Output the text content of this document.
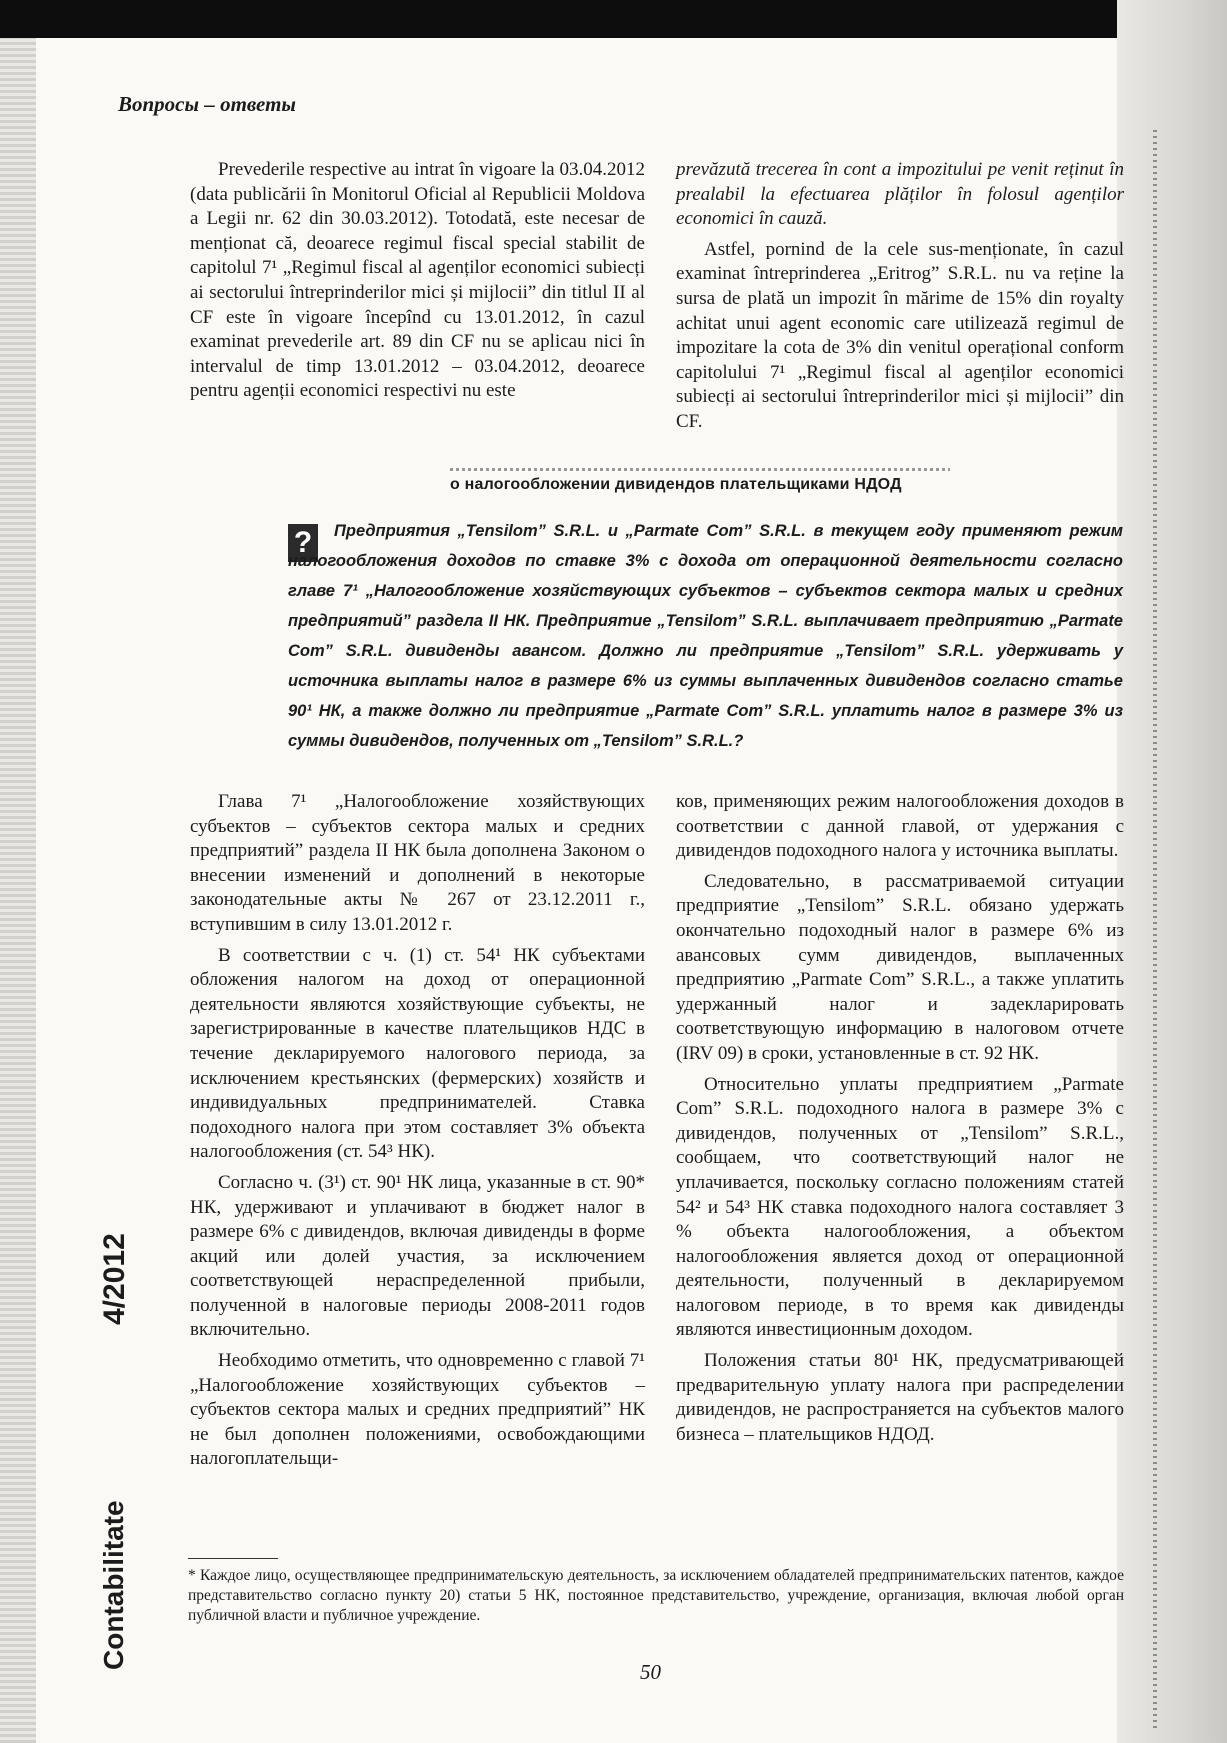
Вопросы – ответы

Prevederile respective au intrat în vigoare la 03.04.2012 (data publicării în Monitorul Oficial al Republicii Moldova a Legii nr. 62 din 30.03.2012). Totodată, este necesar de menționat că, deoarece regimul fiscal special stabilit de capitolul 7¹ „Regimul fiscal al agenților economici subiecți ai sectorului întreprinderilor mici și mijlocii” din titlul II al CF este în vigoare începînd cu 13.01.2012, în cazul examinat prevederile art. 89 din CF nu se aplicau nici în intervalul de timp 13.01.2012 – 03.04.2012, deoarece pentru agenții economici respectivi nu este

prevăzută trecerea în cont a impozitului pe venit reținut în prealabil la efectuarea plăților în folosul agenților economici în cauză.

Astfel, pornind de la cele sus-menționate, în cazul examinat întreprinderea „Eritrog” S.R.L. nu va reține la sursa de plată un impozit în mărime de 15% din royalty achitat unui agent economic care utilizează regimul de impozitare la cota de 3% din venitul operațional conform capitolului 7¹ „Regimul fiscal al agenților economici subiecți ai sectorului întreprinderilor mici și mijlocii” din CF.

о налогообложении дивидендов плательщиками НДОД
?	Предприятия „Tensilom” S.R.L. и „Parmate Com” S.R.L. в текущем году применяют режим налогообложения доходов по ставке 3% с дохода от операционной деятельности согласно главе 7¹ „Налогообложение хозяйствующих субъектов – субъектов сектора малых и средних предприятий” раздела II НК. Предприятие „Tensilom” S.R.L. выплачивает предприятию „Parmate Com” S.R.L. дивиденды авансом. Должно ли предприятие „Tensilom” S.R.L. удерживать у источника выплаты налог в размере 6% из суммы выплаченных дивидендов согласно статье 90¹ НК, а также должно ли предприятие „Parmate Com” S.R.L. уплатить налог в размере 3% из суммы дивидендов, полученных от „Tensilom” S.R.L.?

Глава 7¹ „Налогообложение хозяйствующих субъектов – субъектов сектора малых и средних предприятий” раздела II НК была дополнена Законом о внесении изменений и дополнений в некоторые законодательные акты № 267 от 23.12.2011 г., вступившим в силу 13.01.2012 г.

В соответствии с ч. (1) ст. 54¹ НК субъектами обложения налогом на доход от операционной деятельности являются хозяйствующие субъекты, не зарегистрированные в качестве плательщиков НДС в течение декларируемого налогового периода, за исключением крестьянских (фермерских) хозяйств и индивидуальных предпринимателей. Ставка подоходного налога при этом составляет 3% объекта налогообложения (ст. 54³ НК).

Согласно ч. (3¹) ст. 90¹ НК лица, указанные в ст. 90* НК, удерживают и уплачивают в бюджет налог в размере 6% с дивидендов, включая дивиденды в форме акций или долей участия, за исключением соответствующей нераспределенной прибыли, полученной в налоговые периоды 2008-2011 годов включительно.

Необходимо отметить, что одновременно с главой 7¹ „Налогообложение хозяйствующих субъектов – субъектов сектора малых и средних предприятий” НК не был дополнен положениями, освобождающими налогоплательщи-

ков, применяющих режим налогообложения доходов в соответствии с данной главой, от удержания с дивидендов подоходного налога у источника выплаты.

Следовательно, в рассматриваемой ситуации предприятие „Tensilom” S.R.L. обязано удержать окончательно подоходный налог в размере 6% из авансовых сумм дивидендов, выплаченных предприятию „Parmate Com” S.R.L., а также уплатить удержанный налог и задекларировать соответствующую информацию в налоговом отчете (IRV 09) в сроки, установленные в ст. 92 НК.

Относительно уплаты предприятием „Parmate Com” S.R.L. подоходного налога в размере 3% с дивидендов, полученных от „Tensilom” S.R.L., сообщаем, что соответствующий налог не уплачивается, поскольку согласно положениям статей 54² и 54³ НК ставка подоходного налога составляет 3 % объекта налогообложения, а объектом налогообложения является доход от операционной деятельности, полученный в декларируемом налоговом периоде, в то время как дивиденды являются инвестиционным доходом.

Положения статьи 80¹ НК, предусматривающей предварительную уплату налога при распределении дивидендов, не распространяется на субъектов малого бизнеса – плательщиков НДОД.

Contabilitate
4/2012
* Каждое лицо, осуществляющее предпринимательскую деятельность, за исключением обладателей предпринимательских патентов, каждое представительство согласно пункту 20) статьи 5 НК, постоянное представительство, учреждение, организация, включая любой орган публичной власти и публичное учреждение.
50
